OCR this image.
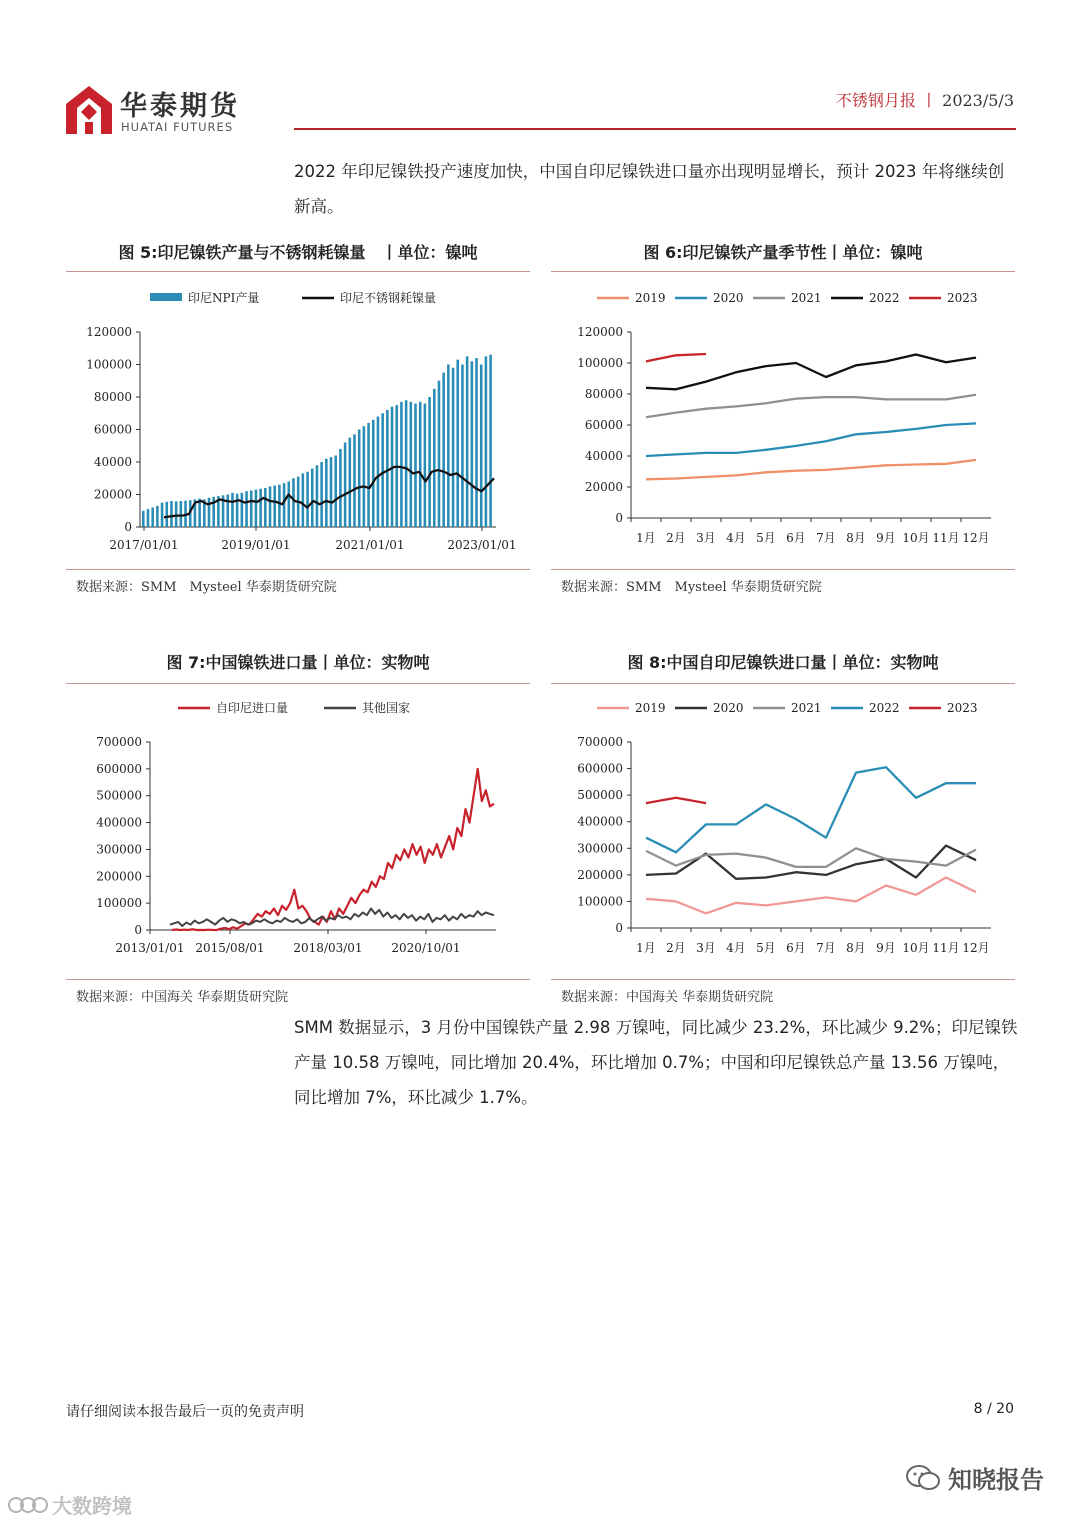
华泰期货
HUATAI FUTURES
不锈钢月报 丨 2023/5/3
2022 年印尼镍铁投产速度加快，中国自印尼镍铁进口量亦出现明显增长，预计 2023 年将继续创新高。
图 5:印尼镍铁产量与不锈钢耗镍量　丨单位：镍吨
数据来源：SMM　Mysteel 华泰期货研究院
图 6:印尼镍铁产量季节性丨单位：镍吨
数据来源：SMM　Mysteel 华泰期货研究院
图 7:中国镍铁进口量丨单位：实物吨
数据来源：中国海关 华泰期货研究院
图 8:中国自印尼镍铁进口量丨单位：实物吨
数据来源：中国海关 华泰期货研究院
印尼NPI产量	印尼不锈钢耗镍量
0
20000
40000
60000
80000
100000
120000
2017/01/01	2019/01/01	2021/01/01	2023/01/01
2019	2020	2021	2022	2023
0
20000
40000
60000
80000
100000
120000
1月 2月 3月 4月 5月 6月 7月 8月 9月 10月 11月 12月
自印尼进口量	其他国家
0
100000
200000
300000
400000
500000
600000
700000
2013/01/01 2015/08/01 2018/03/01 2020/10/01
2019	2020	2021	2022	2023
0
100000
200000
300000
400000
500000
600000
700000
1月 2月 3月 4月 5月 6月 7月 8月 9月 10月 11月 12月
SMM 数据显示，3 月份中国镍铁产量 2.98 万镍吨，同比减少 23.2%，环比减少 9.2%；印尼镍铁产量 10.58 万镍吨，同比增加 20.4%，环比增加 0.7%；中国和印尼镍铁总产量 13.56 万镍吨，同比增加 7%，环比减少 1.7%。
请仔细阅读本报告最后一页的免责声明	8 / 20
知晓报告
大数跨境
